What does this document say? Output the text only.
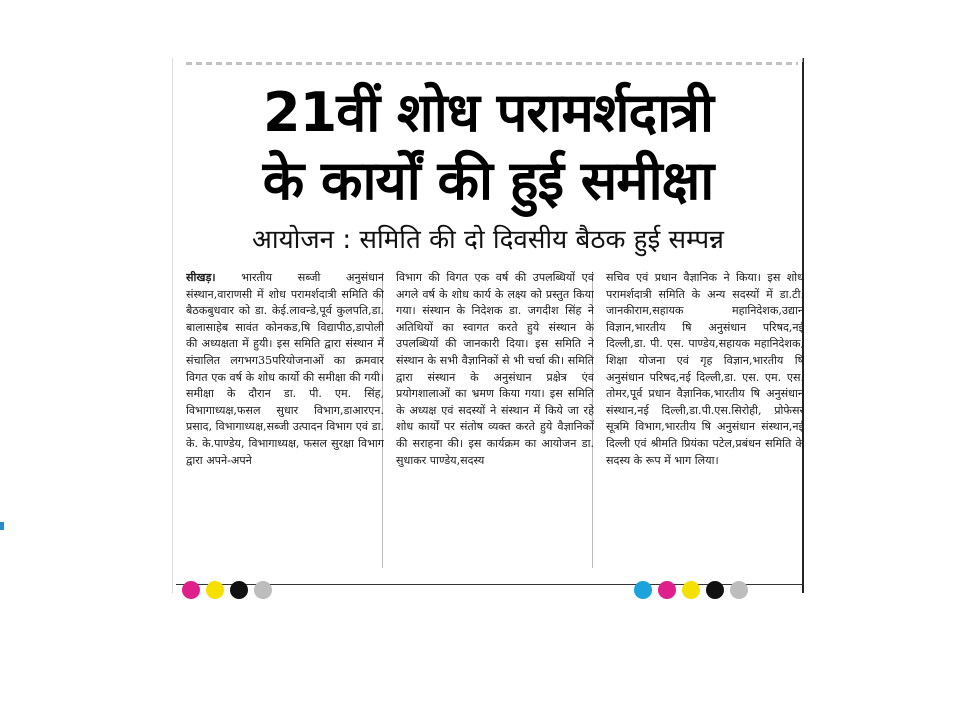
21वीं शोध परामर्शदात्री
के कार्यों की हुई समीक्षा
आयोजन : समिति की दो दिवसीय बैठक हुई सम्पन्न
सीखड़। भारतीय सब्जी अनुसंधान संस्थान,वाराणसी में शोध परामर्शदात्री समिति की बैठकबुधवार को डा. केई.लावन्डे,पूर्व कुलपति,डा. बालासाहेब सावंत कोनकड,षि विद्यापीठ,डापोली की अध्यक्षता में हुयी। इस समिति द्वारा संस्थान में संचालित लगभग35परियोजनाओं का क्रमवार विगत एक वर्ष के शोध कार्यो की समीक्षा की गयी। समीक्षा के दौरान डा. पी. एम. सिंह, विभागाध्यक्ष,फसल सुधार विभाग,डाआरएन. प्रसाद, विभागाध्यक्ष,सब्जी उत्पादन विभाग एवं डा. के. के.पाण्डेय, विभागाध्यक्ष, फसल सुरक्षा विभाग द्वारा अपने-अपने
विभाग की विगत एक वर्ष की उपलब्धियों एवं अगले वर्ष के शोध कार्य के लक्ष्य को प्रस्तुत किया गया। संस्थान के निदेशक डा. जगदीश सिंह ने अतिथियों का स्वागत करते हुये संस्थान के उपलब्धियों की जानकारी दिया। इस समिति ने संस्थान के सभी वैज्ञानिकों से भी चर्चा की। समिति द्वारा संस्थान के अनुसंधान प्रक्षेत्र एंव प्रयोगशालाओं का भ्रमण किया गया। इस समिति के अध्यक्ष एवं सदस्यों ने संस्थान में किये जा रहे शोध कार्यों पर संतोष व्यक्त करते हुये वैज्ञानिकों की सराहना की। इस कार्यक्रम का आयोजन डा. सुधाकर पाण्डेय,सदस्य
सचिव एवं प्रधान वैज्ञानिक ने किया। इस शोध परामर्शदात्री समिति के अन्य सदस्यों में डा.टी. जानकीराम,सहायक महानिदेशक,उद्यान विज्ञान,भारतीय षि अनुसंधान परिषद,नई दिल्ली,डा. पी. एस. पाण्डेय,सहायक महानिदेशक, शिक्षा योजना एवं गृह विज्ञान,भारतीय षि अनुसंधान परिषद,नई दिल्ली,डा. एस. एम. एस. तोमर,पूर्व प्रधान वैज्ञानिक,भारतीय षि अनुसंधान संस्थान,नई दिल्ली,डा.पी.एस.सिरोही, प्रोफेसर सूत्रमि विभाग,भारतीय षि अनुसंधान संस्थान,नई दिल्ली एवं श्रीमति प्रियंका पटेल,प्रबंधन समिति के सदस्य के रूप में भाग लिया।
